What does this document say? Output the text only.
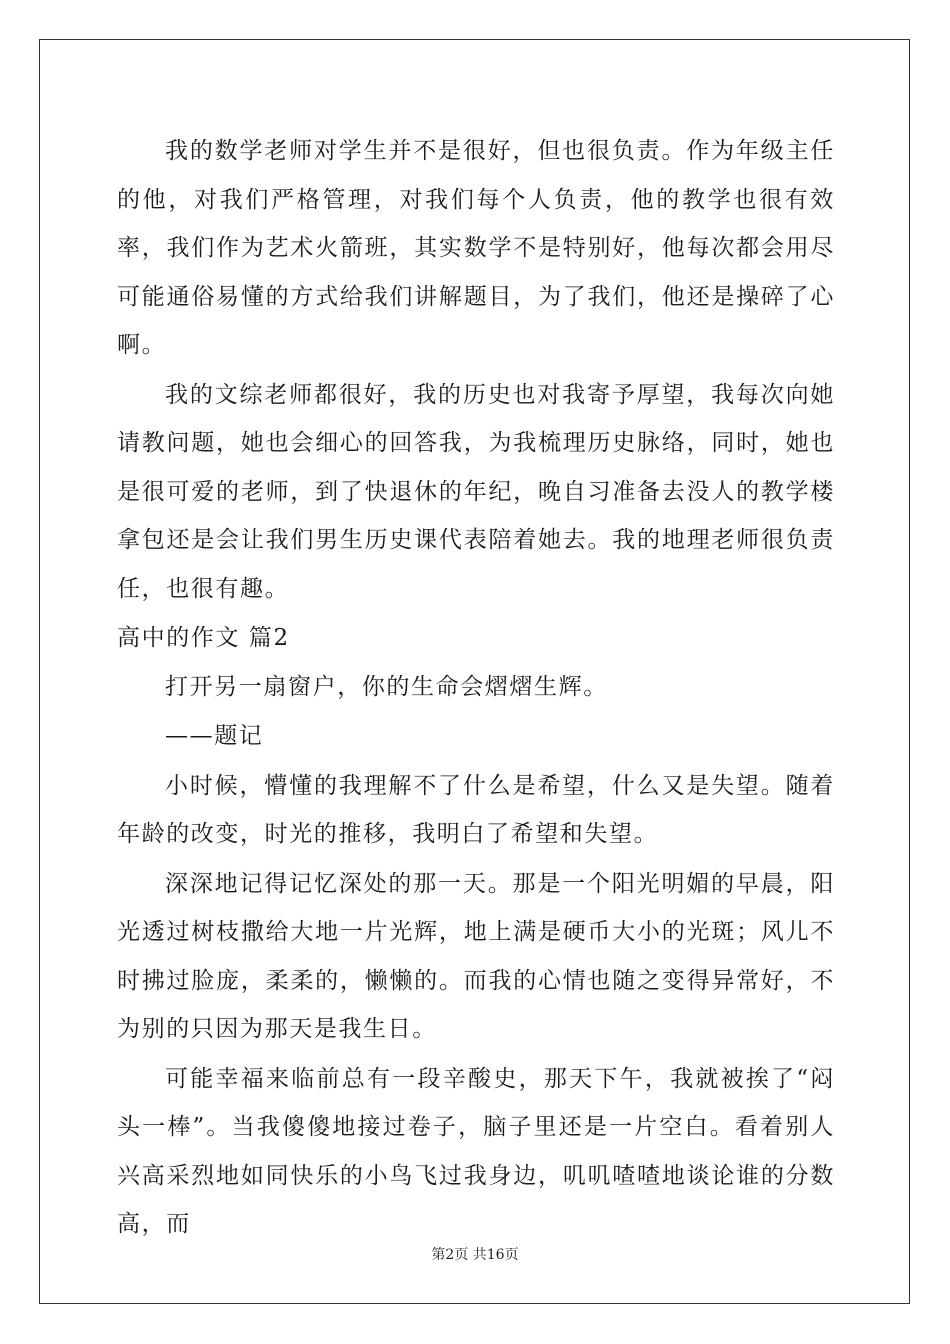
我的数学老师对学生并不是很好，但也很负责。作为年级主任的他，对我们严格管理，对我们每个人负责，他的教学也很有效率，我们作为艺术火箭班，其实数学不是特别好，他每次都会用尽可能通俗易懂的方式给我们讲解题目，为了我们，他还是操碎了心啊。

我的文综老师都很好，我的历史也对我寄予厚望，我每次向她请教问题，她也会细心的回答我，为我梳理历史脉络，同时，她也是很可爱的老师，到了快退休的年纪，晚自习准备去没人的教学楼拿包还是会让我们男生历史课代表陪着她去。我的地理老师很负责任，也很有趣。

高中的作文 篇2

打开另一扇窗户，你的生命会熠熠生辉。

——题记

小时候，懵懂的我理解不了什么是希望，什么又是失望。随着年龄的改变，时光的推移，我明白了希望和失望。

深深地记得记忆深处的那一天。那是一个阳光明媚的早晨，阳光透过树枝撒给大地一片光辉，地上满是硬币大小的光斑；风儿不时拂过脸庞，柔柔的，懒懒的。而我的心情也随之变得异常好，不为别的只因为那天是我生日。

可能幸福来临前总有一段辛酸史，那天下午，我就被挨了“闷头一棒”。当我傻傻地接过卷子，脑子里还是一片空白。看着别人兴高采烈地如同快乐的小鸟飞过我身边，叽叽喳喳地谈论谁的分数高，而

第2页 共16页
